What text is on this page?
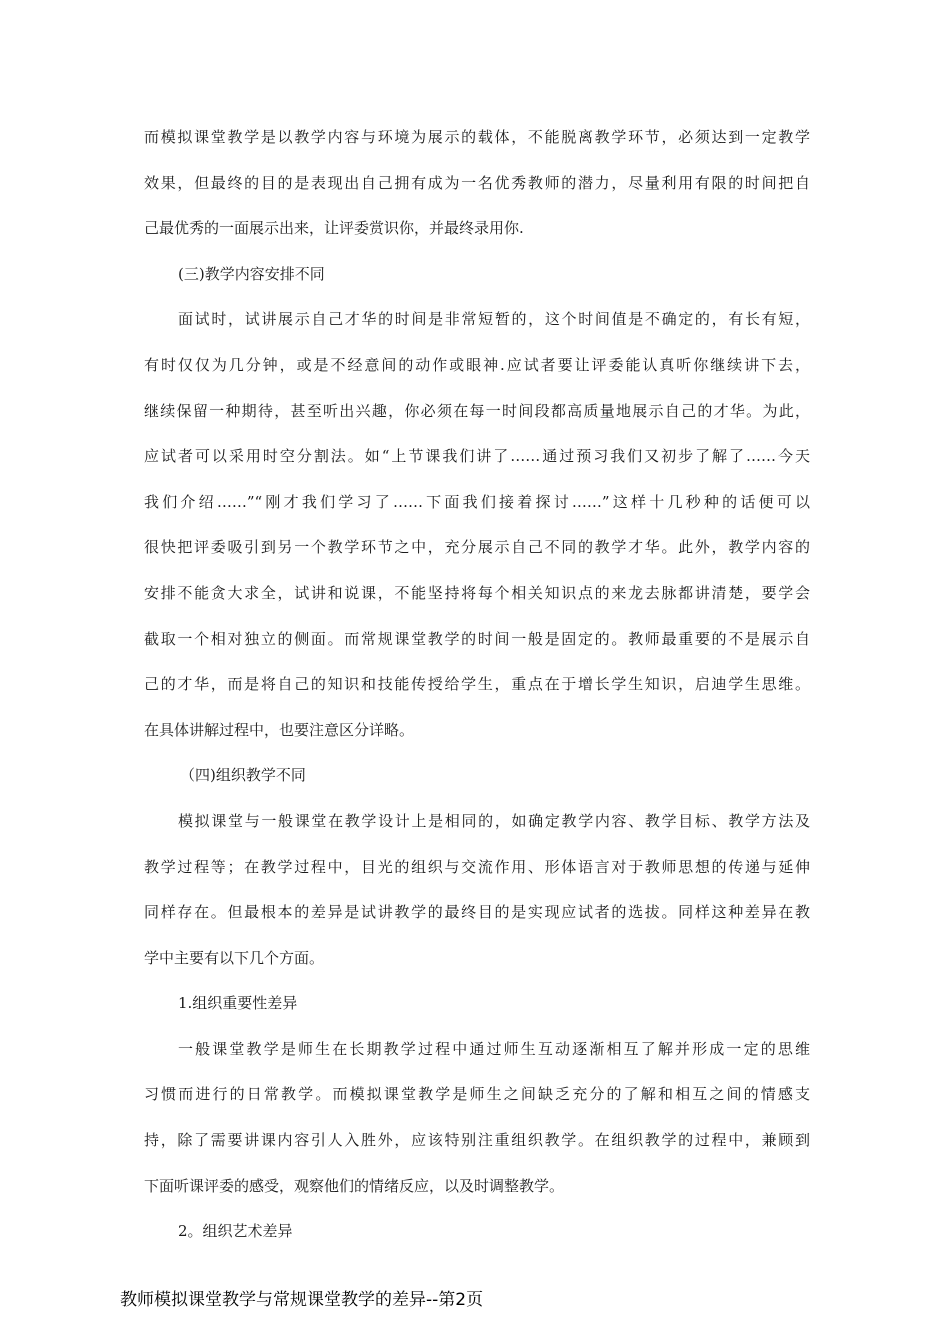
而模拟课堂教学是以教学内容与环境为展示的载体，不能脱离教学环节，必须达到一定教学
效果，但最终的目的是表现出自己拥有成为一名优秀教师的潜力，尽量利用有限的时间把自
己最优秀的一面展示出来，让评委赏识你，并最终录用你.
(三)教学内容安排不同
面试时，试讲展示自己才华的时间是非常短暂的，这个时间值是不确定的，有长有短，
有时仅仅为几分钟，或是不经意间的动作或眼神.应试者要让评委能认真听你继续讲下去，
继续保留一种期待，甚至听出兴趣，你必须在每一时间段都高质量地展示自己的才华。为此，
应试者可以采用时空分割法。如“上节课我们讲了……通过预习我们又初步了解了……今天
我们介绍……”“刚才我们学习了……下面我们接着探讨……”这样十几秒种的话便可以
很快把评委吸引到另一个教学环节之中，充分展示自己不同的教学才华。此外，教学内容的
安排不能贪大求全，试讲和说课，不能坚持将每个相关知识点的来龙去脉都讲清楚，要学会
截取一个相对独立的侧面。而常规课堂教学的时间一般是固定的。教师最重要的不是展示自
己的才华，而是将自己的知识和技能传授给学生，重点在于增长学生知识，启迪学生思维。
在具体讲解过程中，也要注意区分详略。
（四)组织教学不同
模拟课堂与一般课堂在教学设计上是相同的，如确定教学内容、教学目标、教学方法及
教学过程等；在教学过程中，目光的组织与交流作用、形体语言对于教师思想的传递与延伸
同样存在。但最根本的差异是试讲教学的最终目的是实现应试者的选拔。同样这种差异在教
学中主要有以下几个方面。
1.组织重要性差异
一般课堂教学是师生在长期教学过程中通过师生互动逐渐相互了解并形成一定的思维
习惯而进行的日常教学。而模拟课堂教学是师生之间缺乏充分的了解和相互之间的情感支
持，除了需要讲课内容引人入胜外，应该特别注重组织教学。在组织教学的过程中，兼顾到
下面听课评委的感受，观察他们的情绪反应，以及时调整教学。
2。组织艺术差异
教师模拟课堂教学与常规课堂教学的差异--第2页
